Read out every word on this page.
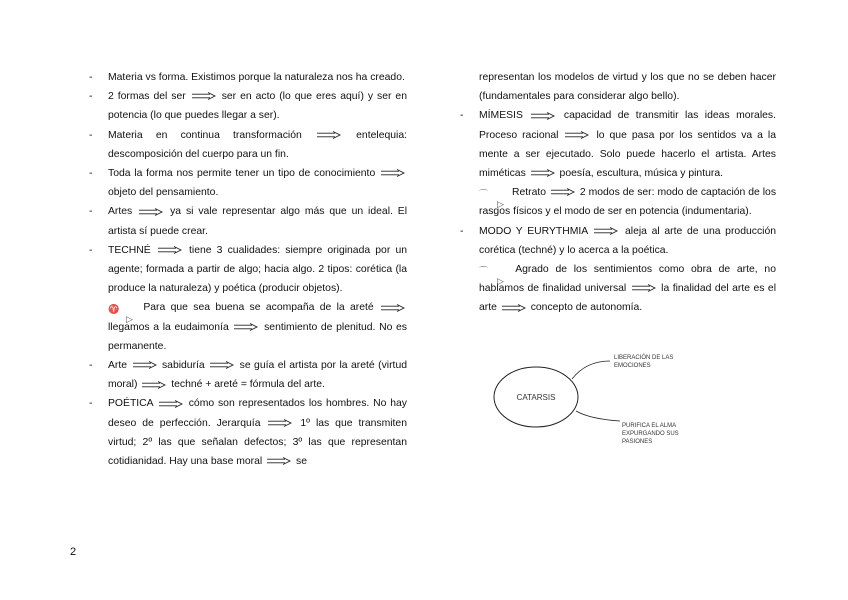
- Materia vs forma. Existimos porque la naturaleza nos ha creado.
- 2 formas del ser	ser en acto (lo que eres aquí) y ser en potencia (lo que puedes llegar a ser).
- Materia en continua transformación	entelequia: descomposición del cuerpo para un fin.
- Toda la forma nos permite tener un tipo de conocimiento  objeto del pensamiento.
- Artes	ya si vale representar algo más que un ideal. El artista sí puede crear.
- TECHNÉ	tiene 3 cualidades: siempre originada por un agente; formada a partir de algo; hacia algo. 2 tipos: corética (la produce la naturaleza) y poética (producir objetos).
♈
▷
Para que sea buena se acompaña de la areté  llegamos a la eudaimonía	sentimiento de plenitud. No es permanente.
- Arte	sabiduría	se guía el artista por la areté (virtud moral)	techné + areté = fórmula del arte.
- POÉTICA	cómo son representados los hombres. No hay deseo de perfección. Jerarquía	1º las que transmiten virtud; 2º las que señalan defectos; 3º las que representan cotidianidad. Hay una base moral	se
representan los modelos de virtud y los que no se deben hacer (fundamentales para considerar algo bello).
- MÍMESIS	capacidad de transmitir las ideas morales. Proceso racional	lo que pasa por los sentidos va a la mente a ser ejecutado. Solo puede hacerlo el artista. Artes miméticas	poesía, escultura, música y pintura.
⌒
▷
Retrato	2 modos de ser: modo de captación de los rasgos físicos y el modo de ser en potencia (indumentaria).
- MODO Y EURYTHMIA	aleja al arte de una producción corética (techné) y lo acerca a la poética.
⌒
▷
Agrado de los sentimientos como obra de arte, no hablamos de finalidad universal	la finalidad del arte es el arte	concepto de autonomía.
CATARSIS
LIBERACIÓN DE LAS
EMOCIONES
PURIFICA EL ALMA
EXPURGANDO SUS
PASIONES
2
